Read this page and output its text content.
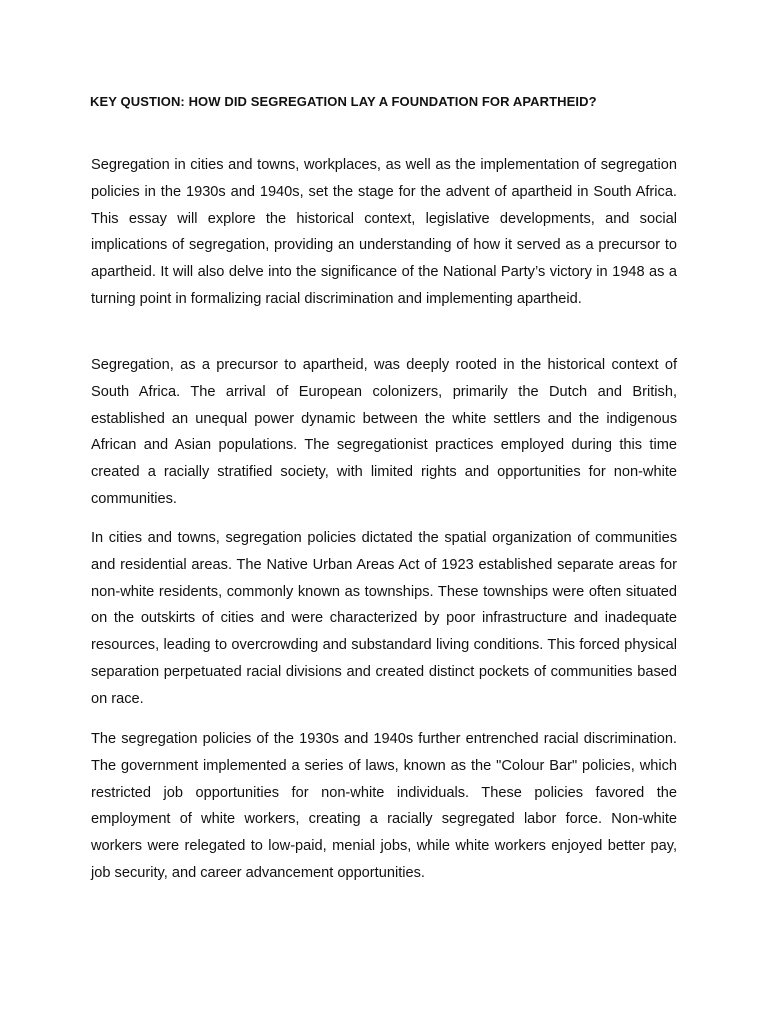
KEY QUSTION: HOW DID SEGREGATION LAY A FOUNDATION FOR APARTHEID?

Segregation in cities and towns, workplaces, as well as the implementation of segregation policies in the 1930s and 1940s, set the stage for the advent of apartheid in South Africa. This essay will explore the historical context, legislative developments, and social implications of segregation, providing an understanding of how it served as a precursor to apartheid. It will also delve into the significance of the National Party’s victory in 1948 as a turning point in formalizing racial discrimination and implementing apartheid.

Segregation, as a precursor to apartheid, was deeply rooted in the historical context of South Africa. The arrival of European colonizers, primarily the Dutch and British, established an unequal power dynamic between the white settlers and the indigenous African and Asian populations. The segregationist practices employed during this time created a racially stratified society, with limited rights and opportunities for non-white communities.

In cities and towns, segregation policies dictated the spatial organization of communities and residential areas. The Native Urban Areas Act of 1923 established separate areas for non-white residents, commonly known as townships. These townships were often situated on the outskirts of cities and were characterized by poor infrastructure and inadequate resources, leading to overcrowding and substandard living conditions. This forced physical separation perpetuated racial divisions and created distinct pockets of communities based on race.

The segregation policies of the 1930s and 1940s further entrenched racial discrimination. The government implemented a series of laws, known as the "Colour Bar" policies, which restricted job opportunities for non-white individuals. These policies favored the employment of white workers, creating a racially segregated labor force. Non-white workers were relegated to low-paid, menial jobs, while white workers enjoyed better pay, job security, and career advancement opportunities.
